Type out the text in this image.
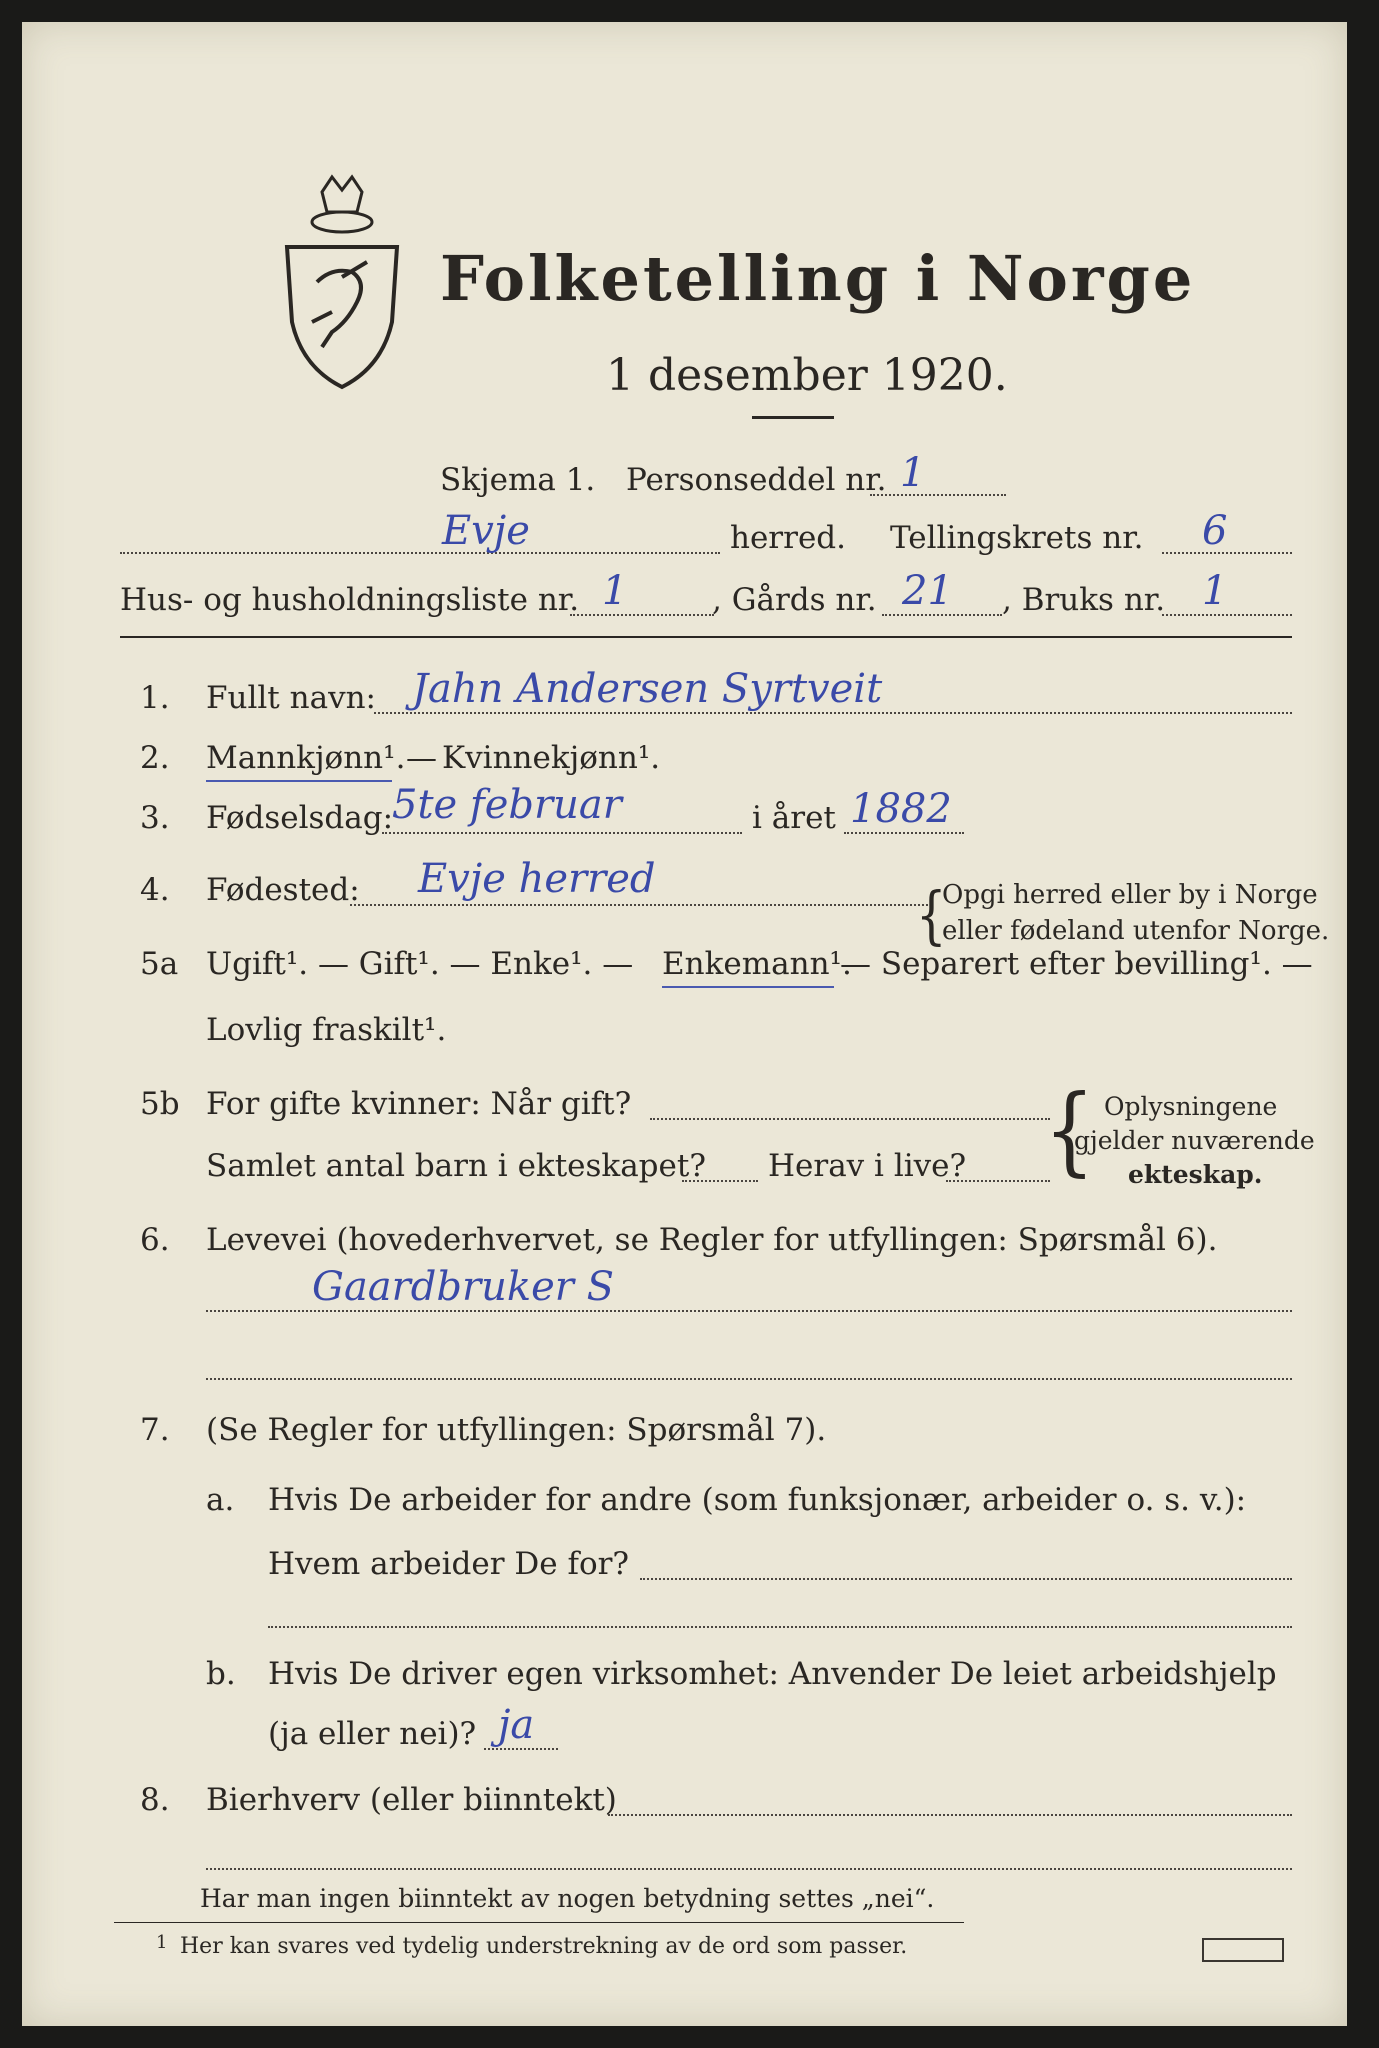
Folketelling i Norge
1 desember 1920.
Skjema 1. Personseddel nr. 1
Evje	herred. Tellingskrets nr. 6
Hus- og husholdningsliste nr. 1	, Gårds nr. 21 , Bruks nr. 1
1. Fullt navn: Jahn Andersen Syrtveit
2. Mannkjønn¹. — Kvinnekjønn¹.
3. Fødselsdag:
5te februar	i året 1882
4. Fødested: Evje herred
{
Opgi herred eller by i Norge
eller fødeland utenfor Norge.
5a Ugift¹. — Gift¹. — Enke¹. — Enkemann¹.
— Separert efter bevilling¹. —
Lovlig fraskilt¹.
5b For gifte kvinner: Når gift?
Samlet antal barn i ekteskapet? Herav i live? { Oplysningene
gjelder nuværende
ekteskap.
6. Levevei (hovederhvervet, se Regler for utfyllingen: Spørsmål 6).
Gaardbruker S
7. (Se Regler for utfyllingen: Spørsmål 7).
a. Hvis De arbeider for andre (som funksjonær, arbeider o. s. v.):
Hvem arbeider De for?
b. Hvis De driver egen virksomhet: Anvender De leiet arbeidshjelp
(ja eller nei)? ja
8. Bierhverv (eller biinntekt)
Har man ingen biinntekt av nogen betydning settes „nei“.
1 Her kan svares ved tydelig understrekning av de ord som passer.
